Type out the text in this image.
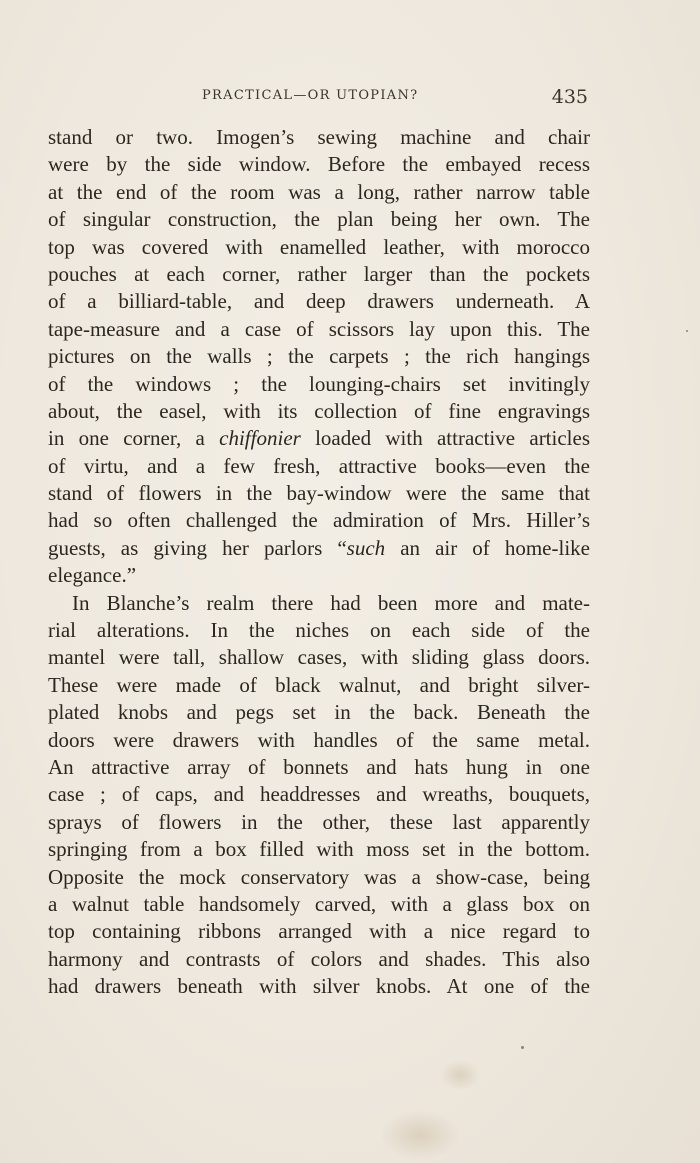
PRACTICAL—OR UTOPIAN?	435
stand or two. Imogen’s sewing machine and chair
were by the side window. Before the embayed recess
at the end of the room was a long, rather narrow table
of singular construction, the plan being her own. The
top was covered with enamelled leather, with morocco
pouches at each corner, rather larger than the pockets
of a billiard-table, and deep drawers underneath. A
tape-measure and a case of scissors lay upon this. The
pictures on the walls ; the carpets ; the rich hangings
of the windows ; the lounging-chairs set invitingly
about, the easel, with its collection of fine engravings
in one corner, a chiffonier loaded with attractive articles
of virtu, and a few fresh, attractive books—even the
stand of flowers in the bay-window were the same that
had so often challenged the admiration of Mrs. Hiller’s
guests, as giving her parlors “such an air of home-like
elegance.”
In Blanche’s realm there had been more and mate-
rial alterations. In the niches on each side of the
mantel were tall, shallow cases, with sliding glass doors.
These were made of black walnut, and bright silver-
plated knobs and pegs set in the back. Beneath the
doors were drawers with handles of the same metal.
An attractive array of bonnets and hats hung in one
case ; of caps, and headdresses and wreaths, bouquets,
sprays of flowers in the other, these last apparently
springing from a box filled with moss set in the bottom.
Opposite the mock conservatory was a show-case, being
a walnut table handsomely carved, with a glass box on
top containing ribbons arranged with a nice regard to
harmony and contrasts of colors and shades. This also
had drawers beneath with silver knobs. At one of the
